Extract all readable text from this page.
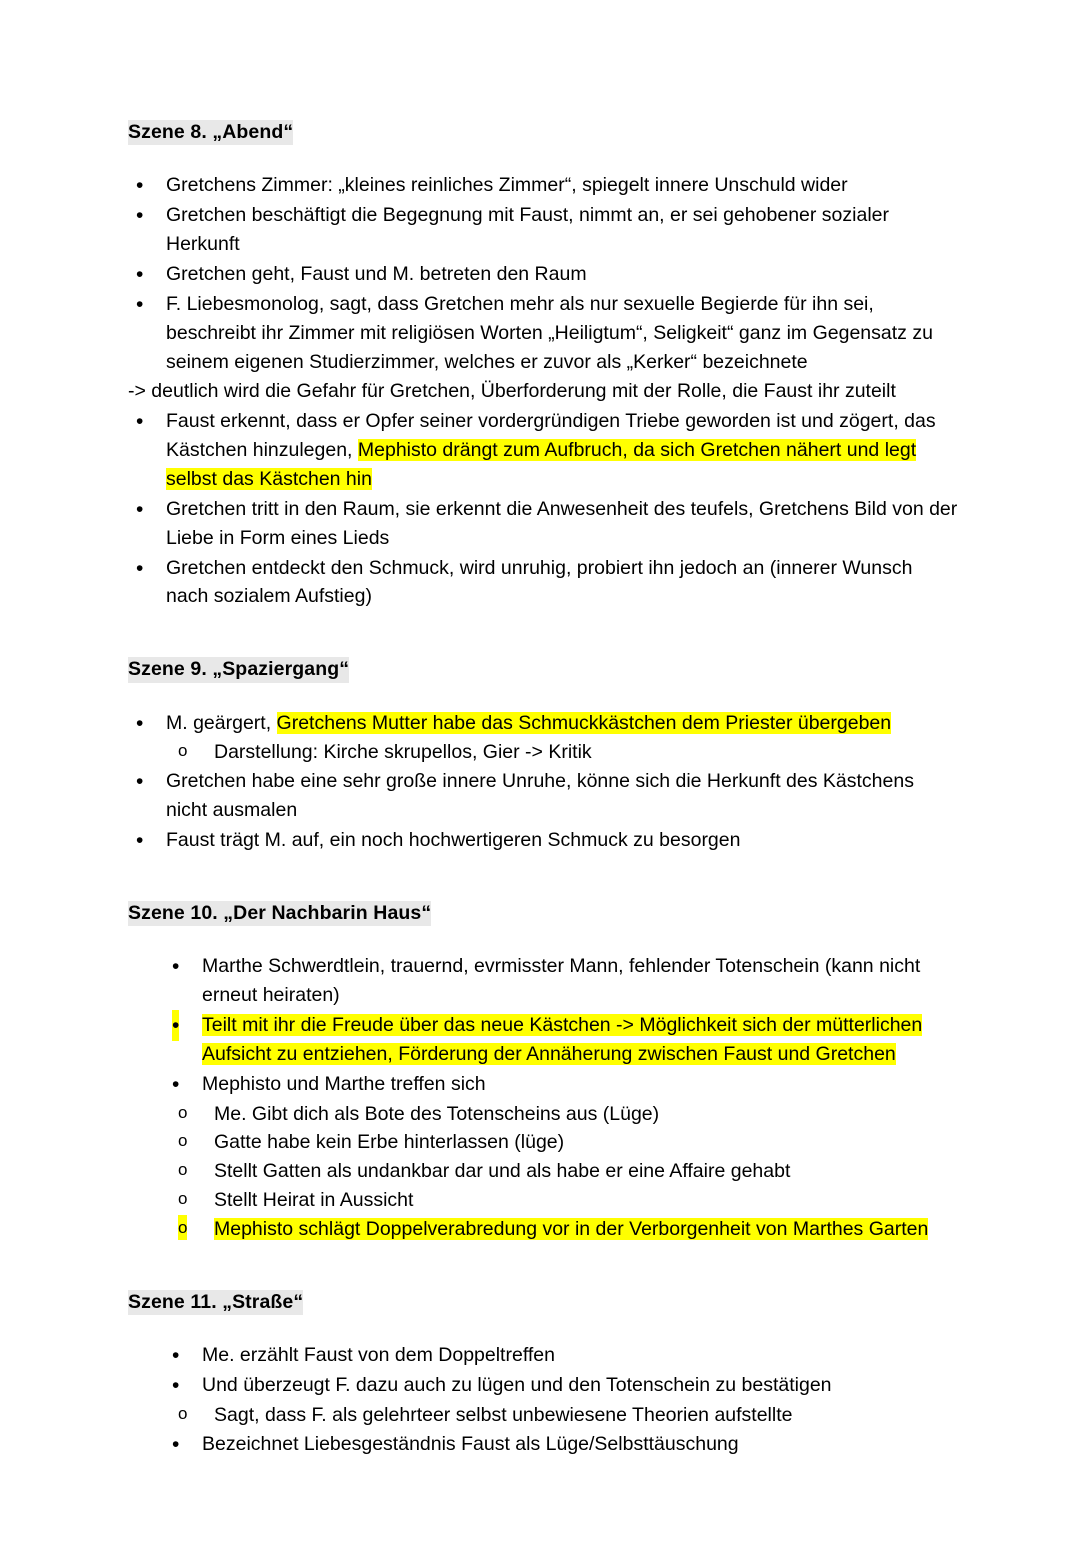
Szene 8. „Abend“
• Gretchens Zimmer: „kleines reinliches Zimmer“, spiegelt innere Unschuld wider
• Gretchen beschäftigt die Begegnung mit Faust, nimmt an, er sei gehobener sozialer Herkunft
• Gretchen geht, Faust und M. betreten den Raum
• F. Liebesmonolog, sagt, dass Gretchen mehr als nur sexuelle Begierde für ihn sei, beschreibt ihr Zimmer mit religiösen Worten „Heiligtum“, Seligkeit“ ganz im Gegensatz zu seinem eigenen Studierzimmer, welches er zuvor als „Kerker“ bezeichnete
-> deutlich wird die Gefahr für Gretchen, Überforderung mit der Rolle, die Faust ihr zuteilt
• Faust erkennt, dass er Opfer seiner vordergründigen Triebe geworden ist und zögert, das Kästchen hinzulegen, Mephisto drängt zum Aufbruch, da sich Gretchen nähert und legt selbst das Kästchen hin
• Gretchen tritt in den Raum, sie erkennt die Anwesenheit des teufels, Gretchens Bild von der Liebe in Form eines Lieds
• Gretchen entdeckt den Schmuck, wird unruhig, probiert ihn jedoch an (innerer Wunsch nach sozialem Aufstieg)
Szene 9. „Spaziergang“
• M. geärgert, Gretchens Mutter habe das Schmuckkästchen dem Priester übergeben
o Darstellung: Kirche skrupellos, Gier -> Kritik
• Gretchen habe eine sehr große innere Unruhe, könne sich die Herkunft des Kästchens nicht ausmalen
• Faust trägt M. auf, ein noch hochwertigeren Schmuck zu besorgen
Szene 10. „Der Nachbarin Haus“
• Marthe Schwerdtlein, trauernd, evrmisster Mann, fehlender Totenschein (kann nicht erneut heiraten)
• Teilt mit ihr die Freude über das neue Kästchen -> Möglichkeit sich der mütterlichen Aufsicht zu entziehen, Förderung der Annäherung zwischen Faust und Gretchen
• Mephisto und Marthe treffen sich
o Me. Gibt dich als Bote des Totenscheins aus (Lüge)
o Gatte habe kein Erbe hinterlassen (lüge)
o Stellt Gatten als undankbar dar und als habe er eine Affaire gehabt
o Stellt Heirat in Aussicht
o Mephisto schlägt Doppelverabredung vor in der Verborgenheit von Marthes Garten
Szene 11. „Straße“
• Me. erzählt Faust von dem Doppeltreffen
• Und überzeugt F. dazu auch zu lügen und den Totenschein zu bestätigen
o Sagt, dass F. als gelehrteer selbst unbewiesene Theorien aufstellte
• Bezeichnet Liebesgeständnis Faust als Lüge/Selbsttäuschung
